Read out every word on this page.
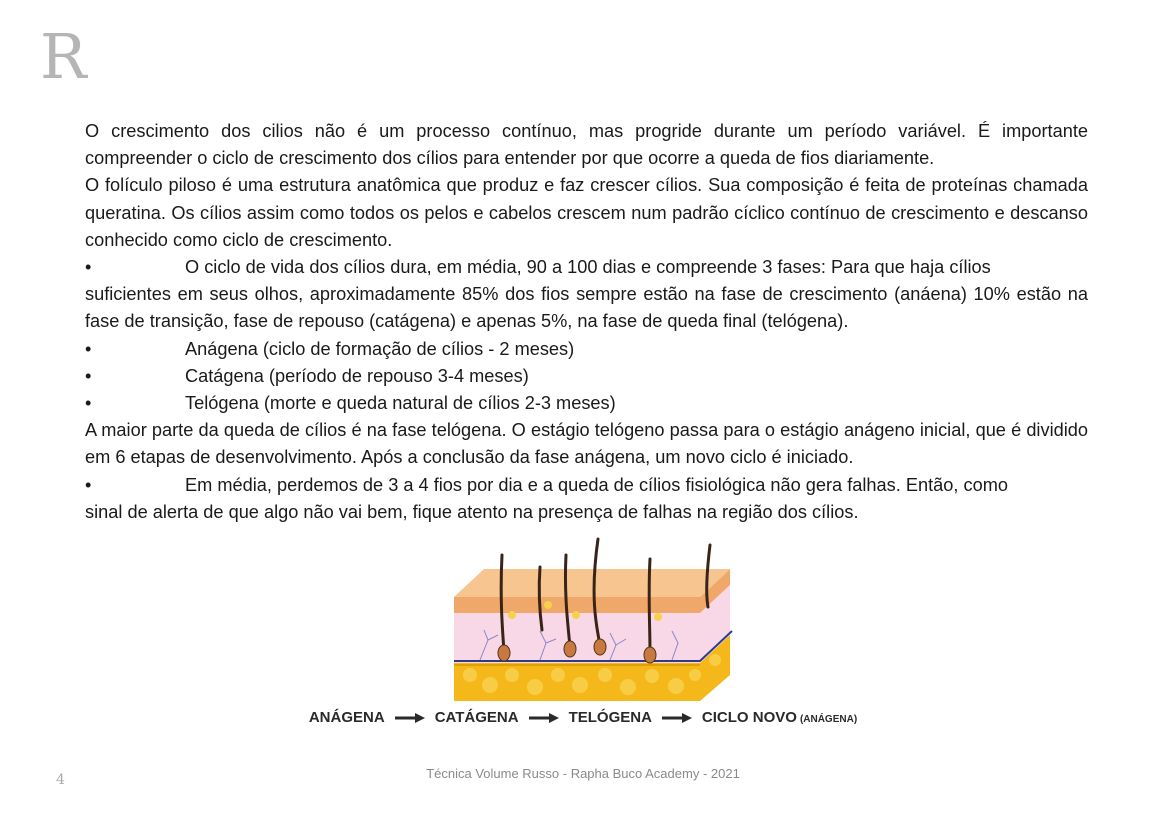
R

O crescimento dos cilios não é um processo contínuo, mas progride durante um período variável. É importante compreender o ciclo de crescimento dos cílios para entender por que ocorre a queda de fios diariamente.

O folículo piloso é uma estrutura anatômica que produz e faz crescer cílios. Sua composição é feita de proteínas chamada queratina. Os cílios assim como todos os pelos e cabelos crescem num padrão cíclico contínuo de crescimento e descanso conhecido como ciclo de crescimento.

•	O ciclo de vida dos cílios dura, em média, 90 a 100 dias e compreende 3 fases: Para que haja cílios

suficientes em seus olhos, aproximadamente 85% dos fios sempre estão na fase de crescimento (anáena) 10% estão na fase de transição, fase de repouso (catágena) e apenas 5%, na fase de queda final (telógena).

•	Anágena (ciclo de formação de cílios - 2 meses)
•	Catágena (período de repouso 3-4 meses)
•	Telógena (morte e queda natural de cílios 2-3 meses)

A maior parte da queda de cílios é na fase telógena. O estágio telógeno passa para o estágio anágeno inicial, que é dividido em 6 etapas de desenvolvimento. Após a conclusão da fase anágena, um novo ciclo é iniciado.

•	Em média, perdemos de 3 a 4 fios por dia e a queda de cílios fisiológica não gera falhas. Então, como

sinal de alerta de que algo não vai bem, fique atento na presença de falhas na região dos cílios.

ANÁGENA	CATÁGENA	TELÓGENA	CICLO NOVO (ANÁGENA)
4	Técnica Volume Russo - Rapha Buco Academy - 2021
